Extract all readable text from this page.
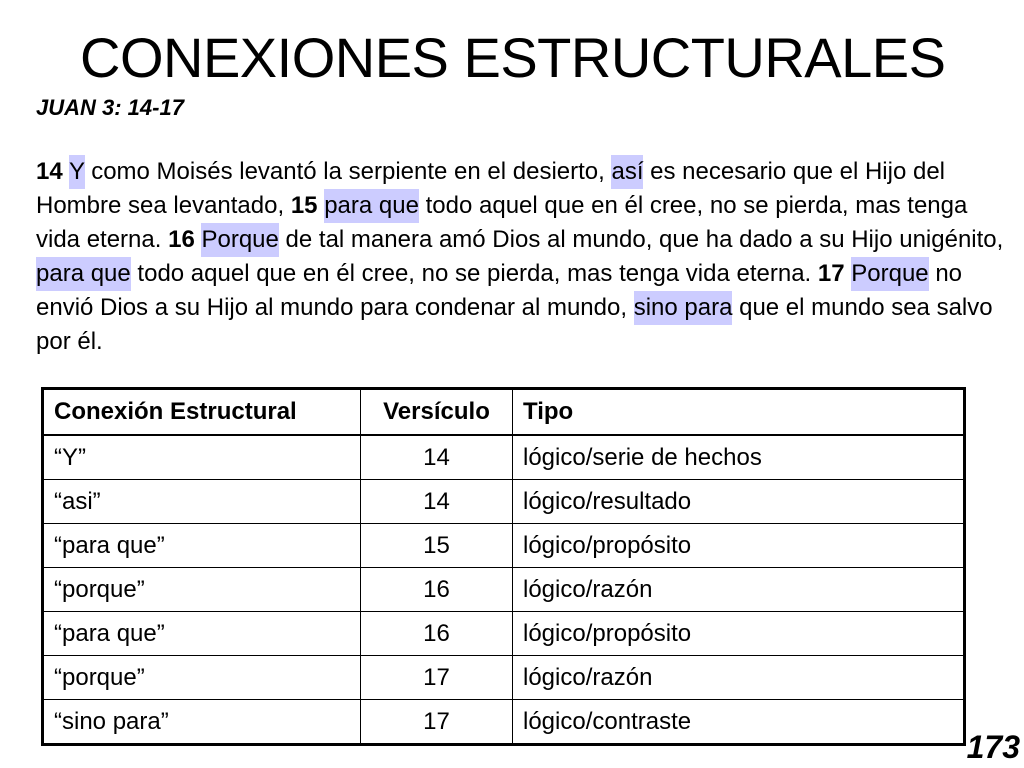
CONEXIONES ESTRUCTURALES
JUAN 3: 14-17
14 Y como Moisés levantó la serpiente en el desierto, así es necesario que el Hijo del Hombre sea levantado, 15 para que todo aquel que en él cree, no se pierda, mas tenga vida eterna. 16 Porque de tal manera amó Dios al mundo, que ha dado a su Hijo unigénito, para que todo aquel que en él cree, no se pierda, mas tenga vida eterna. 17 Porque no envió Dios a su Hijo al mundo para condenar al mundo, sino para que el mundo sea salvo por él.
Conexión Estructural	Versículo	Tipo
“Y”	14	lógico/serie de hechos
“asi”	14	lógico/resultado
“para que”	15	lógico/propósito
“porque”	16	lógico/razón
“para que”	16	lógico/propósito
“porque”	17	lógico/razón
“sino para”	17	lógico/contraste
173
